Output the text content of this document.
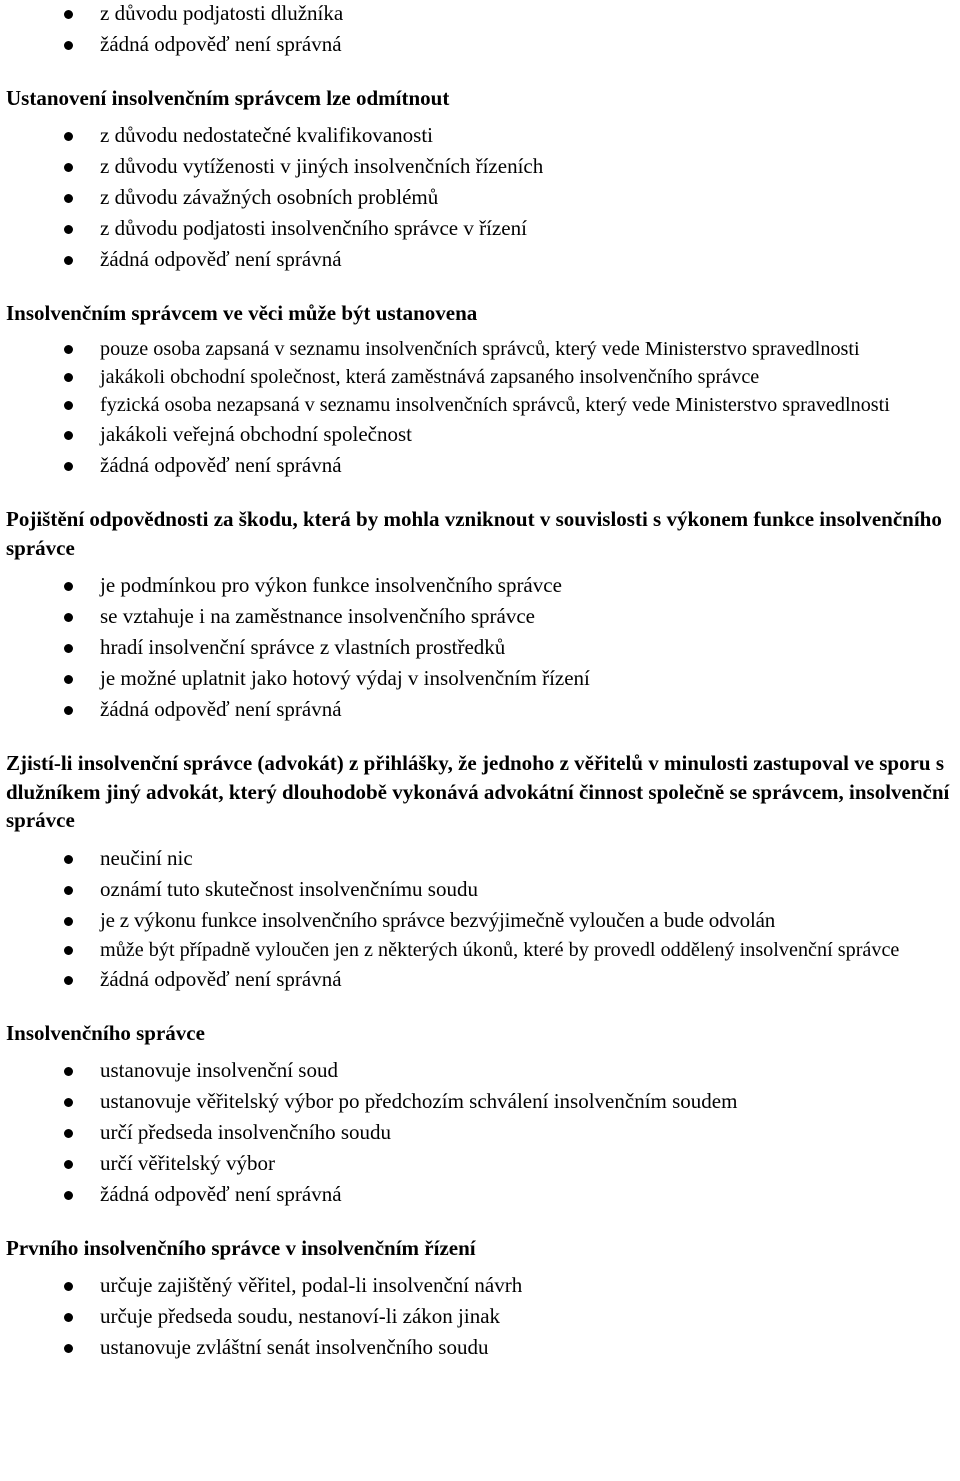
z důvodu podjatosti dlužníka
žádná odpověď není správná
Ustanovení insolvenčním správcem lze odmítnout
z důvodu nedostatečné kvalifikovanosti
z důvodu vytíženosti v jiných insolvenčních řízeních
z důvodu závažných osobních problémů
z důvodu podjatosti insolvenčního správce v řízení
žádná odpověď není správná
Insolvenčním správcem ve věci může být ustanovena
pouze osoba zapsaná v seznamu insolvenčních správců, který vede Ministerstvo spravedlnosti
jakákoli obchodní společnost, která zaměstnává zapsaného insolvenčního správce
fyzická osoba nezapsaná v seznamu insolvenčních správců, který vede Ministerstvo spravedlnosti
jakákoli veřejná obchodní společnost
žádná odpověď není správná
Pojištění odpovědnosti za škodu, která by mohla vzniknout v souvislosti s výkonem funkce insolvenčního správce
je podmínkou pro výkon funkce insolvenčního správce
se vztahuje i na zaměstnance insolvenčního správce
hradí insolvenční správce z vlastních prostředků
je možné uplatnit jako hotový výdaj v insolvenčním řízení
žádná odpověď není správná
Zjistí-li insolvenční správce (advokát) z přihlášky, že jednoho z věřitelů v minulosti zastupoval ve sporu s dlužníkem jiný advokát, který dlouhodobě vykonává advokátní činnost společně se správcem, insolvenční správce
neučiní nic
oznámí tuto skutečnost insolvenčnímu soudu
je z výkonu funkce insolvenčního správce bezvýjimečně vyloučen a bude odvolán
může být případně vyloučen jen z některých úkonů, které by provedl oddělený insolvenční správce
žádná odpověď není správná
Insolvenčního správce
ustanovuje insolvenční soud
ustanovuje věřitelský výbor po předchozím schválení insolvenčním soudem
určí předseda insolvenčního soudu
určí věřitelský výbor
žádná odpověď není správná
Prvního insolvenčního správce v insolvenčním řízení
určuje zajištěný věřitel, podal-li insolvenční návrh
určuje předseda soudu, nestanoví-li zákon jinak
ustanovuje zvláštní senát insolvenčního soudu
